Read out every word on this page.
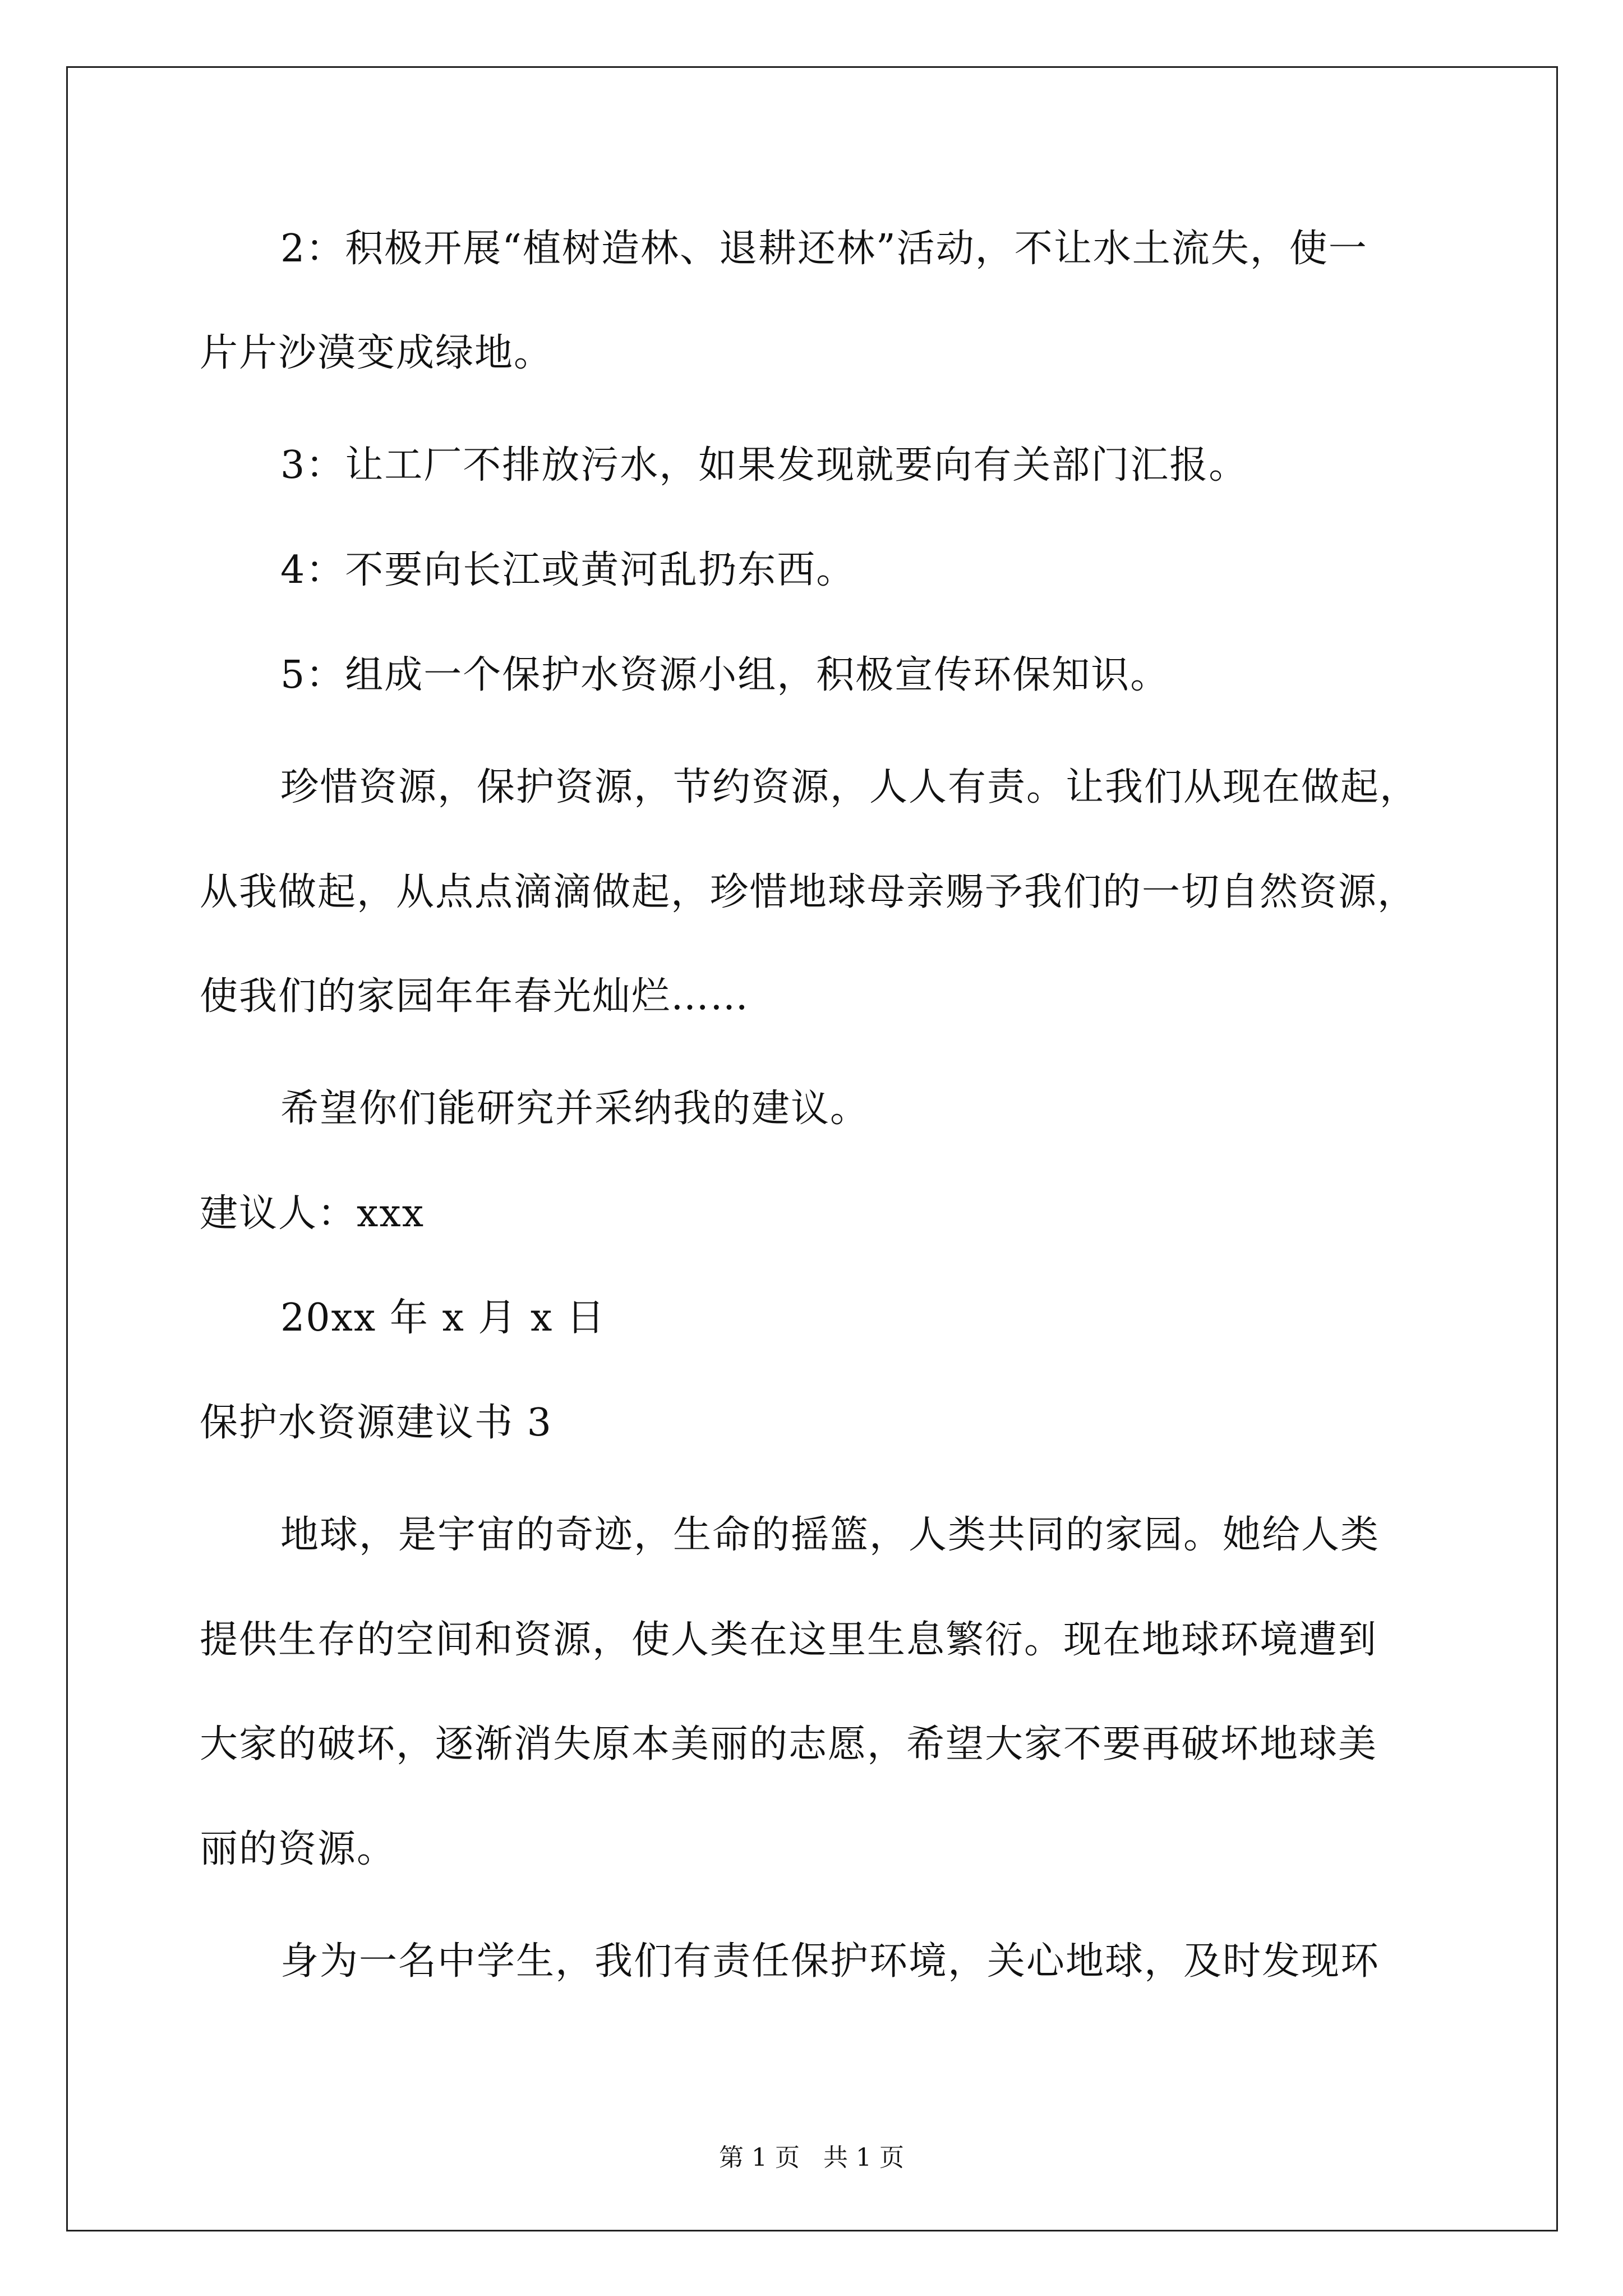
2：积极开展“植树造林、退耕还林”活动，不让水土流失，使一
片片沙漠变成绿地。
3：让工厂不排放污水，如果发现就要向有关部门汇报。
4：不要向长江或黄河乱扔东西。
5：组成一个保护水资源小组，积极宣传环保知识。
珍惜资源，保护资源，节约资源，人人有责。让我们从现在做起，
从我做起，从点点滴滴做起，珍惜地球母亲赐予我们的一切自然资源，
使我们的家园年年春光灿烂……
希望你们能研究并采纳我的建议。
建议人：xxx
20xx 年 x 月 x 日
保护水资源建议书 3
地球，是宇宙的奇迹，生命的摇篮，人类共同的家园。她给人类
提供生存的空间和资源，使人类在这里生息繁衍。现在地球环境遭到
大家的破坏，逐渐消失原本美丽的志愿，希望大家不要再破坏地球美
丽的资源。
身为一名中学生，我们有责任保护环境，关心地球，及时发现环
第 1 页   共 1 页
